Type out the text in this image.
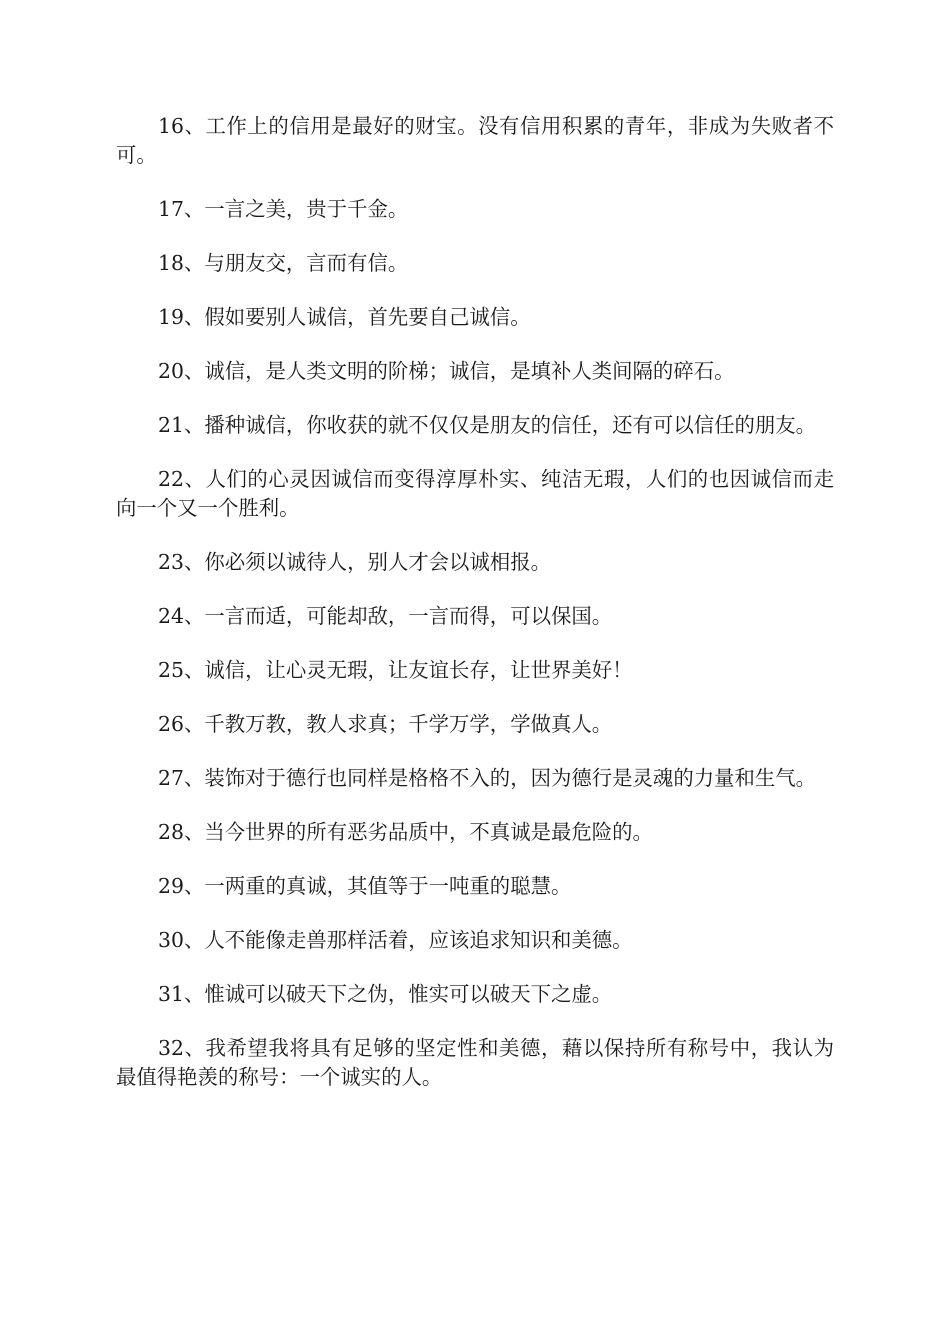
16、工作上的信用是最好的财宝。没有信用积累的青年，非成为失败者不可。

17、一言之美，贵于千金。

18、与朋友交，言而有信。

19、假如要别人诚信，首先要自己诚信。

20、诚信，是人类文明的阶梯；诚信，是填补人类间隔的碎石。

21、播种诚信，你收获的就不仅仅是朋友的信任，还有可以信任的朋友。

22、人们的心灵因诚信而变得淳厚朴实、纯洁无瑕，人们的也因诚信而走向一个又一个胜利。

23、你必须以诚待人，别人才会以诚相报。

24、一言而适，可能却敌，一言而得，可以保国。

25、诚信，让心灵无瑕，让友谊长存，让世界美好！

26、千教万教，教人求真；千学万学，学做真人。

27、装饰对于德行也同样是格格不入的，因为德行是灵魂的力量和生气。

28、当今世界的所有恶劣品质中，不真诚是最危险的。

29、一两重的真诚，其值等于一吨重的聪慧。

30、人不能像走兽那样活着，应该追求知识和美德。

31、惟诚可以破天下之伪，惟实可以破天下之虚。

32、我希望我将具有足够的坚定性和美德，藉以保持所有称号中，我认为最值得艳羡的称号：一个诚实的人。
